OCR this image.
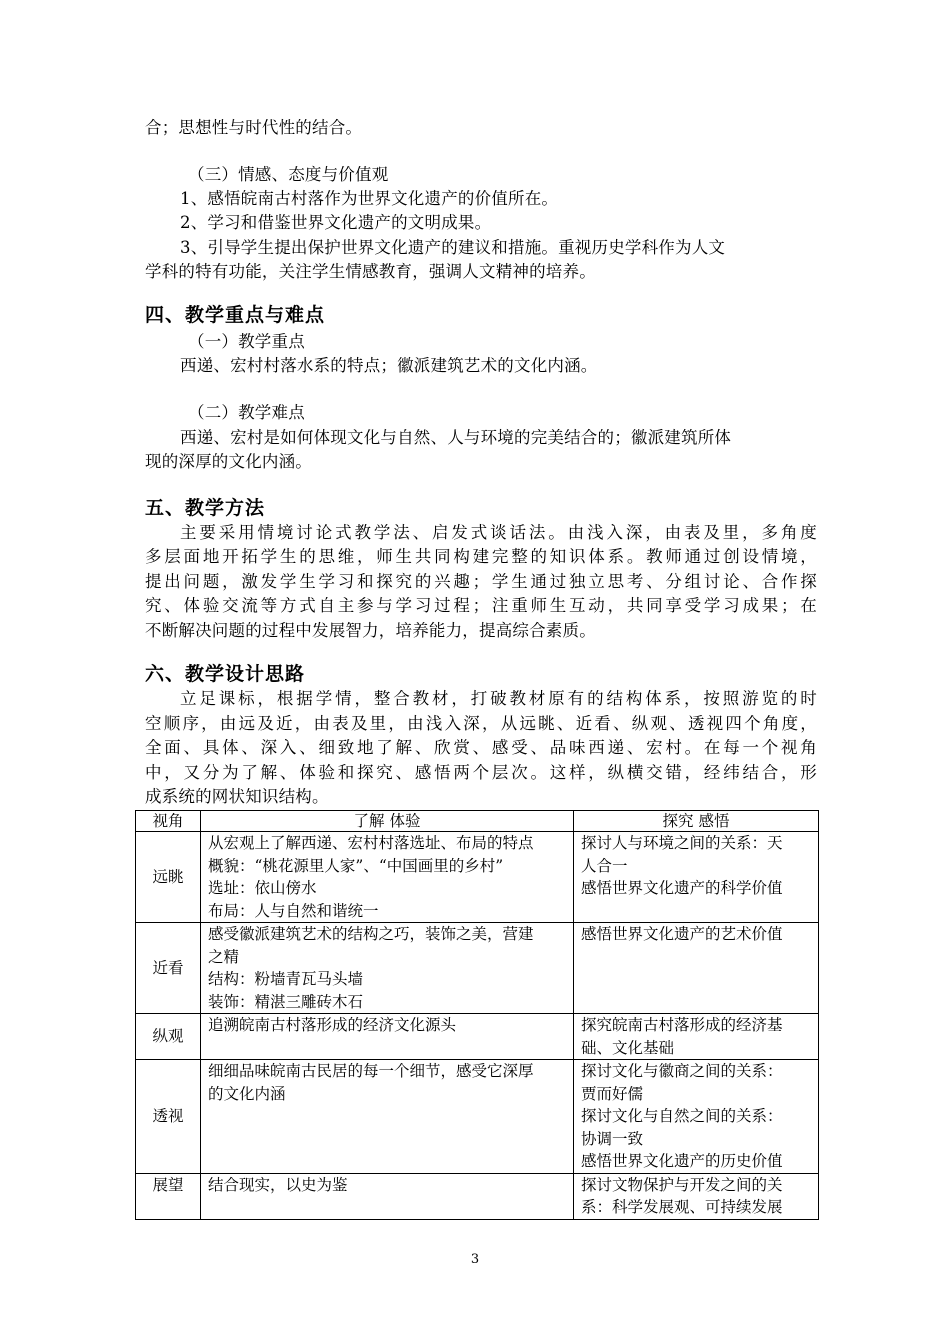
合；思想性与时代性的结合。
（三）情感、态度与价值观
1、感悟皖南古村落作为世界文化遗产的价值所在。
2、学习和借鉴世界文化遗产的文明成果。
3、引导学生提出保护世界文化遗产的建议和措施。重视历史学科作为人文
学科的特有功能，关注学生情感教育，强调人文精神的培养。
四、教学重点与难点
（一）教学重点
西递、宏村村落水系的特点；徽派建筑艺术的文化内涵。
（二）教学难点
西递、宏村是如何体现文化与自然、人与环境的完美结合的；徽派建筑所体
现的深厚的文化内涵。
五、教学方法
主要采用情境讨论式教学法、启发式谈话法。由浅入深，由表及里，多角度
多层面地开拓学生的思维，师生共同构建完整的知识体系。教师通过创设情境，
提出问题，激发学生学习和探究的兴趣；学生通过独立思考、分组讨论、合作探
究、体验交流等方式自主参与学习过程；注重师生互动，共同享受学习成果；在
不断解决问题的过程中发展智力，培养能力，提高综合素质。
六、教学设计思路
立足课标，根据学情，整合教材，打破教材原有的结构体系，按照游览的时
空顺序，由远及近，由表及里，由浅入深，从远眺、近看、纵观、透视四个角度，
全面、具体、深入、细致地了解、欣赏、感受、品味西递、宏村。在每一个视角
中，又分为了解、体验和探究、感悟两个层次。这样，纵横交错，经纬结合，形
成系统的网状知识结构。
视角	了解 体验	探究 感悟
远眺	从宏观上了解西递、宏村村落选址、布局的特点
概貌：“桃花源里人家”、“中国画里的乡村”
选址：依山傍水
布局：人与自然和谐统一	探讨人与环境之间的关系：天
人合一
感悟世界文化遗产的科学价值

近看	感受徽派建筑艺术的结构之巧，装饰之美，营建
之精
结构：粉墙青瓦马头墙
装饰：精湛三雕砖木石	感悟世界文化遗产的艺术价值

纵观	追溯皖南古村落形成的经济文化源头	探究皖南古村落形成的经济基
础、文化基础

透视	细细品味皖南古民居的每一个细节，感受它深厚
的文化内涵	探讨文化与徽商之间的关系：
贾而好儒
探讨文化与自然之间的关系：
协调一致
感悟世界文化遗产的历史价值

展望	结合现实，以史为鉴	探讨文物保护与开发之间的关
系：科学发展观、可持续发展
3
